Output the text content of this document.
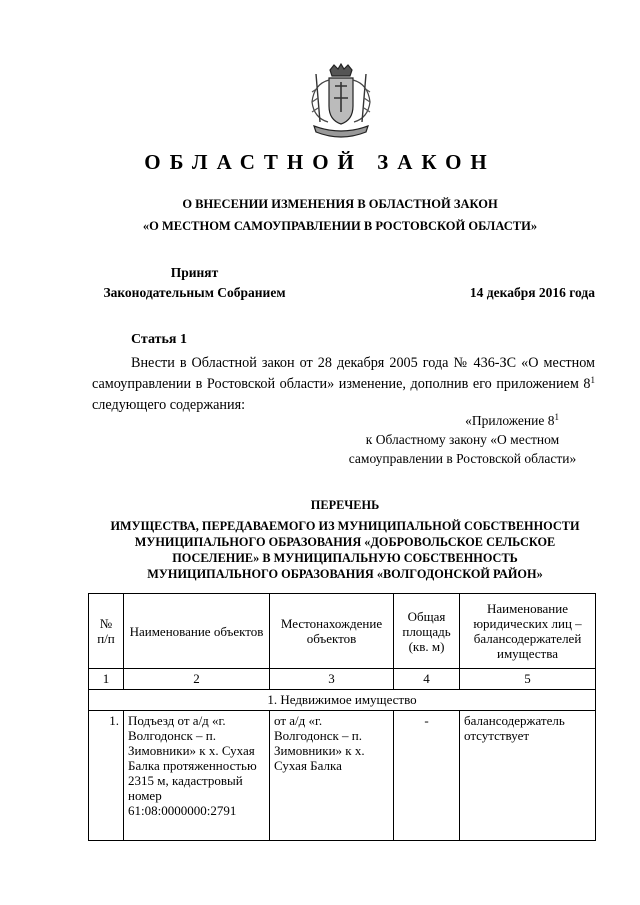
ОБЛАСТНОЙ ЗАКОН
О ВНЕСЕНИИ ИЗМЕНЕНИЯ В ОБЛАСТНОЙ ЗАКОН
«О МЕСТНОМ САМОУПРАВЛЕНИИ В РОСТОВСКОЙ ОБЛАСТИ»
Принят
Законодательным Собранием	14 декабря 2016 года
Статья 1

Внести в Областной закон от 28 декабря 2005 года № 436-ЗС «О местном самоуправлении в Ростовской области» изменение, дополнив его приложением $8^1$ следующего содержания:

«Приложение $8^1$
к Областному закону «О местном
самоуправлении в Ростовской области»
ПЕРЕЧЕНЬ
ИМУЩЕСТВА, ПЕРЕДАВАЕМОГО ИЗ МУНИЦИПАЛЬНОЙ СОБСТВЕННОСТИ
МУНИЦИПАЛЬНОГО ОБРАЗОВАНИЯ «ДОБРОВОЛЬСКОЕ СЕЛЬСКОЕ
ПОСЕЛЕНИЕ» В МУНИЦИПАЛЬНУЮ СОБСТВЕННОСТЬ
МУНИЦИПАЛЬНОГО ОБРАЗОВАНИЯ «ВОЛГОДОНСКОЙ РАЙОН»
№ п/п	Наименование объектов	Местонахождение объектов	Общая площадь (кв. м)	Наименование юридических лиц – балансодержателей имущества
1	2	3	4	5
1. Недвижимое имущество				
1.	Подъезд от а/д «г. Волгодонск – п. Зимовники» к х. Сухая Балка протяженностью 2315 м, кадастровый номер 61:08:0000000:2791	от а/д «г. Волгодонск – п. Зимовники» к х. Сухая Балка	-	балансодержатель отсутствует
